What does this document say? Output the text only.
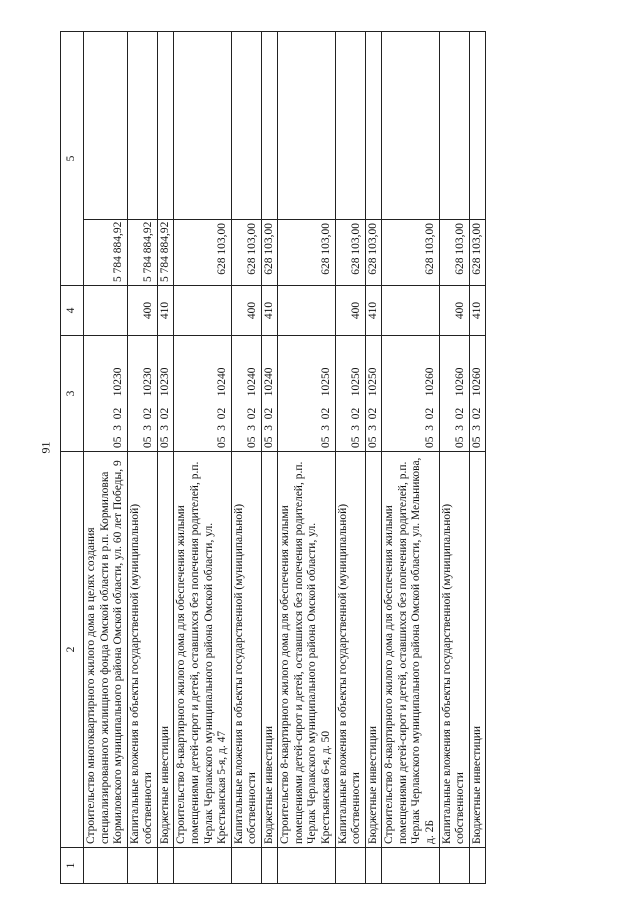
91
1	2	3	4	5	
	Строительство многоквартирного жилого дома в целях создания специализированного жилищного фонда Омской области в р.п. Кормиловка Кормиловского муниципального района Омской области, ул. 60 лет Победы, 9	05  3  02    10230		5 784 884,92	
	Капитальные вложения в объекты государственной (муниципальной) собственности	05  3  02    10230	400	5 784 884,92	
	Бюджетные инвестиции	05  3  02    10230	410	5 784 884,92	
	Строительство 8-квартирного жилого дома для обеспечения жилыми помещениями детей-сирот и детей, оставшихся без попечения родителей, р.п. Черлак Черлакского муниципального района Омской области, ул. Крестьянская 5-я, д. 47	05  3  02    10240		628 103,00	
	Капитальные вложения в объекты государственной (муниципальной) собственности	05  3  02    10240	400	628 103,00	
	Бюджетные инвестиции	05  3  02    10240	410	628 103,00	
	Строительство 8-квартирного жилого дома для обеспечения жилыми помещениями детей-сирот и детей, оставшихся без попечения родителей, р.п. Черлак Черлакского муниципального района Омской области, ул. Крестьянская 6-я, д. 50	05  3  02    10250		628 103,00	
	Капитальные вложения в объекты государственной (муниципальной) собственности	05  3  02    10250	400	628 103,00	
	Бюджетные инвестиции	05  3  02    10250	410	628 103,00	
	Строительство 8-квартирного жилого дома для обеспечения жилыми помещениями детей-сирот и детей, оставшихся без попечения родителей, р.п. Черлак Черлакского муниципального района Омской области, ул. Мельникова, д. 2Б	05  3  02    10260		628 103,00	
	Капитальные вложения в объекты государственной (муниципальной) собственности	05  3  02    10260	400	628 103,00	
	Бюджетные инвестиции	05  3  02    10260	410	628 103,00	
